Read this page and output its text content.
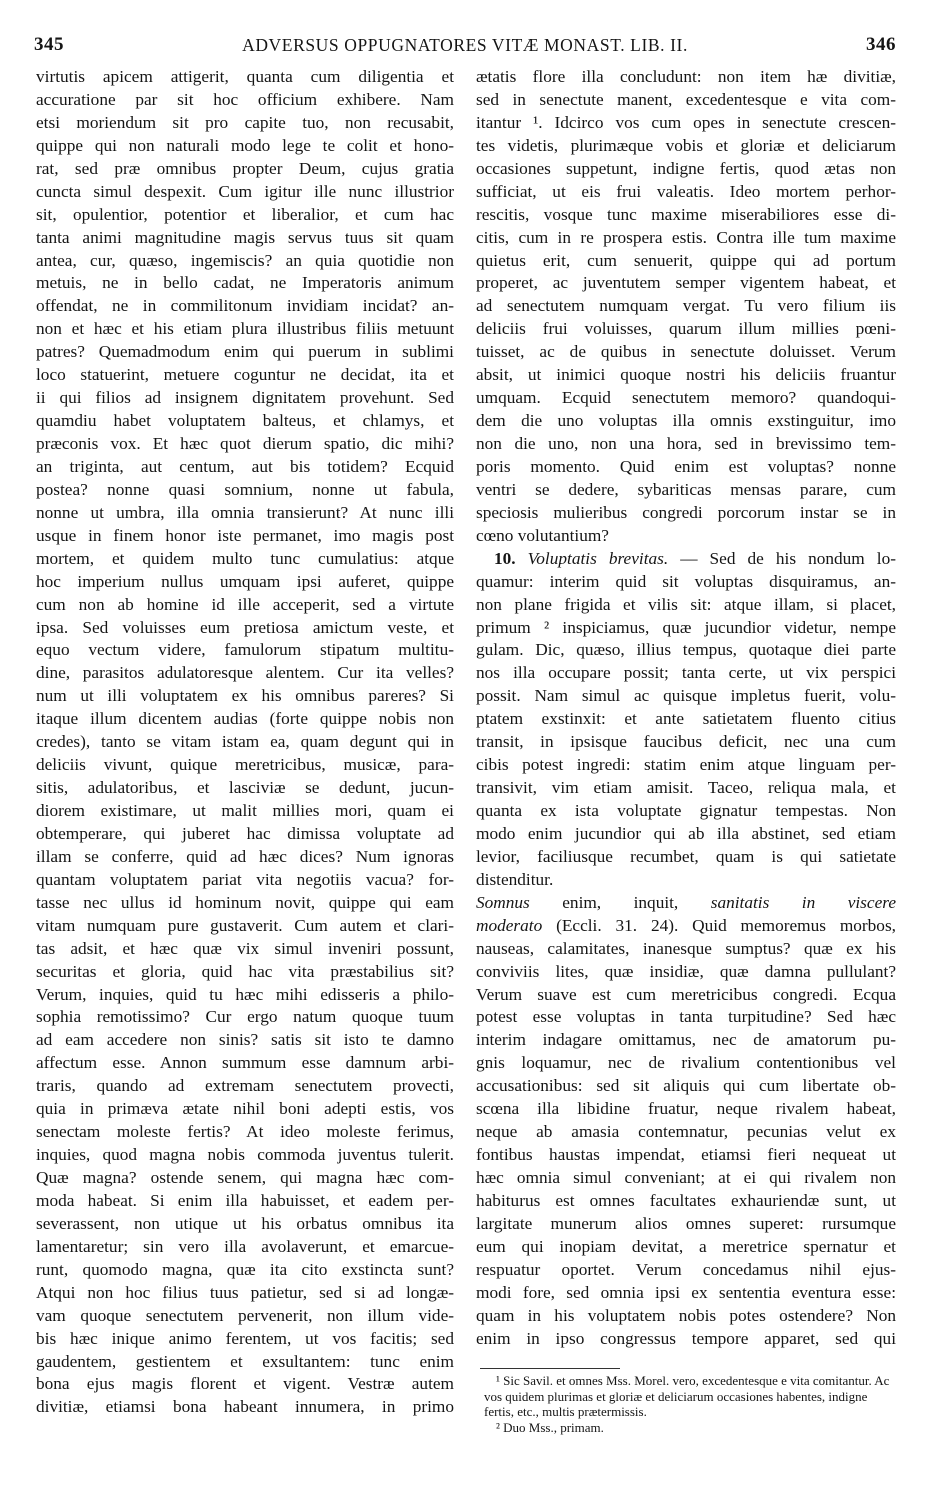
345	ADVERSUS OPPUGNATORES VITÆ MONAST. LIB. II.	346
virtutis apicem attigerit, quanta cum diligentia et
accuratione par sit hoc officium exhibere. Nam
etsi moriendum sit pro capite tuo, non recusabit,
quippe qui non naturali modo lege te colit et hono-
rat, sed præ omnibus propter Deum, cujus gratia
cuncta simul despexit. Cum igitur ille nunc illustrior
sit, opulentior, potentior et liberalior, et cum hac
tanta animi magnitudine magis servus tuus sit quam
antea, cur, quæso, ingemiscis? an quia quotidie non
metuis, ne in bello cadat, ne Imperatoris animum
offendat, ne in commilitonum invidiam incidat? an-
non et hæc et his etiam plura illustribus filiis metuunt
patres? Quemadmodum enim qui puerum in sublimi
loco statuerint, metuere coguntur ne decidat, ita et
ii qui filios ad insignem dignitatem provehunt. Sed
quamdiu habet voluptatem balteus, et chlamys, et
præconis vox. Et hæc quot dierum spatio, dic mihi?
an triginta, aut centum, aut bis totidem? Ecquid
postea? nonne quasi somnium, nonne ut fabula,
nonne ut umbra, illa omnia transierunt? At nunc illi
usque in finem honor iste permanet, imo magis post
mortem, et quidem multo tunc cumulatius: atque
hoc imperium nullus umquam ipsi auferet, quippe
cum non ab homine id ille acceperit, sed a virtute
ipsa. Sed voluisses eum pretiosa amictum veste, et
equo vectum videre, famulorum stipatum multitu-
dine, parasitos adulatoresque alentem. Cur ita velles?
num ut illi voluptatem ex his omnibus pareres? Si
itaque illum dicentem audias (forte quippe nobis non
credes), tanto se vitam istam ea, quam degunt qui in
deliciis vivunt, quique meretricibus, musicæ, para-
sitis, adulatoribus, et lasciviæ se dedunt, jucun-
diorem existimare, ut malit millies mori, quam ei
obtemperare, qui juberet hac dimissa voluptate ad
illam se conferre, quid ad hæc dices? Num ignoras
quantam voluptatem pariat vita negotiis vacua? for-
tasse nec ullus id hominum novit, quippe qui eam
vitam numquam pure gustaverit. Cum autem et clari-
tas adsit, et hæc quæ vix simul inveniri possunt,
securitas et gloria, quid hac vita præstabilius sit?
Verum, inquies, quid tu hæc mihi edisseris a philo-
sophia remotissimo? Cur ergo natum quoque tuum
ad eam accedere non sinis? satis sit isto te damno
affectum esse. Annon summum esse damnum arbi-
traris, quando ad extremam senectutem provecti,
quia in primæva ætate nihil boni adepti estis, vos
senectam moleste fertis? At ideo moleste ferimus,
inquies, quod magna nobis commoda juventus tulerit.
Quæ magna? ostende senem, qui magna hæc com-
moda habeat. Si enim illa habuisset, et eadem per-
severassent, non utique ut his orbatus omnibus ita
lamentaretur; sin vero illa avolaverunt, et emarcue-
runt, quomodo magna, quæ ita cito exstincta sunt?
Atqui non hoc filius tuus patietur, sed si ad longæ-
vam quoque senectutem pervenerit, non illum vide-
bis hæc inique animo ferentem, ut vos facitis; sed
gaudentem, gestientem et exsultantem: tunc enim
bona ejus magis florent et vigent. Vestræ autem
divitiæ, etiamsi bona habeant innumera, in primo
ætatis flore illa concludunt: non item hæ divitiæ,
sed in senectute manent, excedentesque e vita com-
itantur ¹. Idcirco vos cum opes in senectute crescen-
tes videtis, plurimæque vobis et gloriæ et deliciarum
occasiones suppetunt, indigne fertis, quod ætas non
sufficiat, ut eis frui valeatis. Ideo mortem perhor-
rescitis, vosque tunc maxime miserabiliores esse di-
citis, cum in re prospera estis. Contra ille tum maxime
quietus erit, cum senuerit, quippe qui ad portum
properet, ac juventutem semper vigentem habeat, et
ad senectutem numquam vergat. Tu vero filium iis
deliciis frui voluisses, quarum illum millies pœni-
tuisset, ac de quibus in senectute doluisset. Verum
absit, ut inimici quoque nostri his deliciis fruantur
umquam. Ecquid senectutem memoro? quandoqui-
dem die uno voluptas illa omnis exstinguitur, imo
non die uno, non una hora, sed in brevissimo tem-
poris momento. Quid enim est voluptas? nonne
ventri se dedere, sybariticas mensas parare, cum
speciosis mulieribus congredi porcorum instar se in
cœno volutantium?
10. Voluptatis brevitas. — Sed de his nondum lo-
quamur: interim quid sit voluptas disquiramus, an-
non plane frigida et vilis sit: atque illam, si placet,
primum ² inspiciamus, quæ jucundior videtur, nempe
gulam. Dic, quæso, illius tempus, quotaque diei parte
nos illa occupare possit; tanta certe, ut vix perspici
possit. Nam simul ac quisque impletus fuerit, volu-
ptatem exstinxit: et ante satietatem fluento citius
transit, in ipsisque faucibus deficit, nec una cum
cibis potest ingredi: statim enim atque linguam per-
transivit, vim etiam amisit. Taceo, reliqua mala, et
quanta ex ista voluptate gignatur tempestas. Non
modo enim jucundior qui ab illa abstinet, sed etiam
levior, faciliusque recumbet, quam is qui satietate
distenditur.
Somnus enim, inquit, sanitatis in viscere
moderato (Eccli. 31. 24). Quid memoremus morbos,
nauseas, calamitates, inanesque sumptus? quæ ex his
conviviis lites, quæ insidiæ, quæ damna pullulant?
Verum suave est cum meretricibus congredi. Ecqua
potest esse voluptas in tanta turpitudine? Sed hæc
interim indagare omittamus, nec de amatorum pu-
gnis loquamur, nec de rivalium contentionibus vel
accusationibus: sed sit aliquis qui cum libertate ob-
scœna illa libidine fruatur, neque rivalem habeat,
neque ab amasia contemnatur, pecunias velut ex
fontibus haustas impendat, etiamsi fieri nequeat ut
hæc omnia simul conveniant; at ei qui rivalem non
habiturus est omnes facultates exhauriendæ sunt, ut
largitate munerum alios omnes superet: rursumque
eum qui inopiam devitat, a meretrice spernatur et
respuatur oportet. Verum concedamus nihil ejus-
modi fore, sed omnia ipsi ex sententia eventura esse:
quam in his voluptatem nobis potes ostendere? Non
enim in ipso congressus tempore apparet, sed qui
¹ Sic Savil. et omnes Mss. Morel. vero, excedentesque e vita comitantur. Ac vos quidem plurimas et gloriæ et deliciarum occasiones habentes, indigne fertis, etc., multis prætermissis.
² Duo Mss., primam.
